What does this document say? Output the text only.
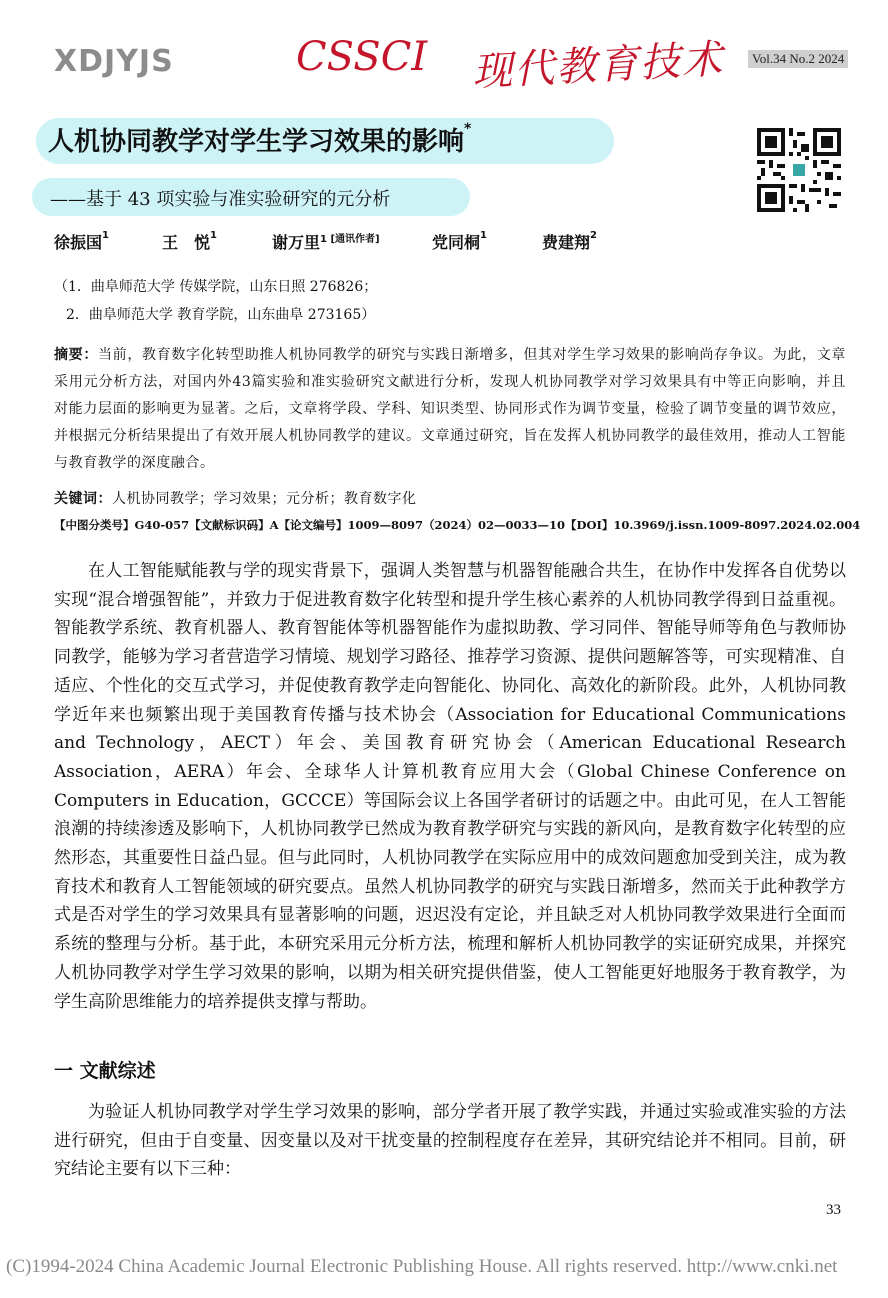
XDJYJS	CSSCI 现代教育技术	Vol.34 No.2 2024
人机协同教学对学生学习效果的影响*
——基于 43 项实验与准实验研究的元分析
徐振国$^1$	王　悦$^1$	谢万里$^{1 [通讯作者]}$	党同桐$^1$	费建翔$^2$
（1．曲阜师范大学 传媒学院，山东日照 276826；
2．曲阜师范大学 教育学院，山东曲阜 273165）
摘要：当前，教育数字化转型助推人机协同教学的研究与实践日渐增多，但其对学生学习效果的影响尚存争议。为此，文章采用元分析方法，对国内外43篇实验和准实验研究文献进行分析，发现人机协同教学对学习效果具有中等正向影响，并且对能力层面的影响更为显著。之后，文章将学段、学科、知识类型、协同形式作为调节变量，检验了调节变量的调节效应，并根据元分析结果提出了有效开展人机协同教学的建议。文章通过研究，旨在发挥人机协同教学的最佳效用，推动人工智能与教育教学的深度融合。
关键词：人机协同教学；学习效果；元分析；教育数字化
【中图分类号】G40-057【文献标识码】A【论文编号】1009—8097（2024）02—0033—10【DOI】10.3969/j.issn.1009-8097.2024.02.004
在人工智能赋能教与学的现实背景下，强调人类智慧与机器智能融合共生，在协作中发挥各自优势以实现“混合增强智能”，并致力于促进教育数字化转型和提升学生核心素养的人机协同教学得到日益重视。智能教学系统、教育机器人、教育智能体等机器智能作为虚拟助教、学习同伴、智能导师等角色与教师协同教学，能够为学习者营造学习情境、规划学习路径、推荐学习资源、提供问题解答等，可实现精准、自适应、个性化的交互式学习，并促使教育教学走向智能化、协同化、高效化的新阶段。此外，人机协同教学近年来也频繁出现于美国教育传播与技术协会（Association for Educational Communications and Technology，AECT）年会、美国教育研究协会（American Educational Research Association，AERA）年会、全球华人计算机教育应用大会（Global Chinese Conference on Computers in Education，GCCCE）等国际会议上各国学者研讨的话题之中。由此可见，在人工智能浪潮的持续渗透及影响下，人机协同教学已然成为教育教学研究与实践的新风向，是教育数字化转型的应然形态，其重要性日益凸显。但与此同时，人机协同教学在实际应用中的成效问题愈加受到关注，成为教育技术和教育人工智能领域的研究要点。虽然人机协同教学的研究与实践日渐增多，然而关于此种教学方式是否对学生的学习效果具有显著影响的问题，迟迟没有定论，并且缺乏对人机协同教学效果进行全面而系统的整理与分析。基于此，本研究采用元分析方法，梳理和解析人机协同教学的实证研究成果，并探究人机协同教学对学生学习效果的影响，以期为相关研究提供借鉴，使人工智能更好地服务于教育教学，为学生高阶思维能力的培养提供支撑与帮助。
一 文献综述
为验证人机协同教学对学生学习效果的影响，部分学者开展了教学实践，并通过实验或准实验的方法进行研究，但由于自变量、因变量以及对干扰变量的控制程度存在差异，其研究结论并不相同。目前，研究结论主要有以下三种：
33
(C)1994-2024 China Academic Journal Electronic Publishing House. All rights reserved. http://www.cnki.net
